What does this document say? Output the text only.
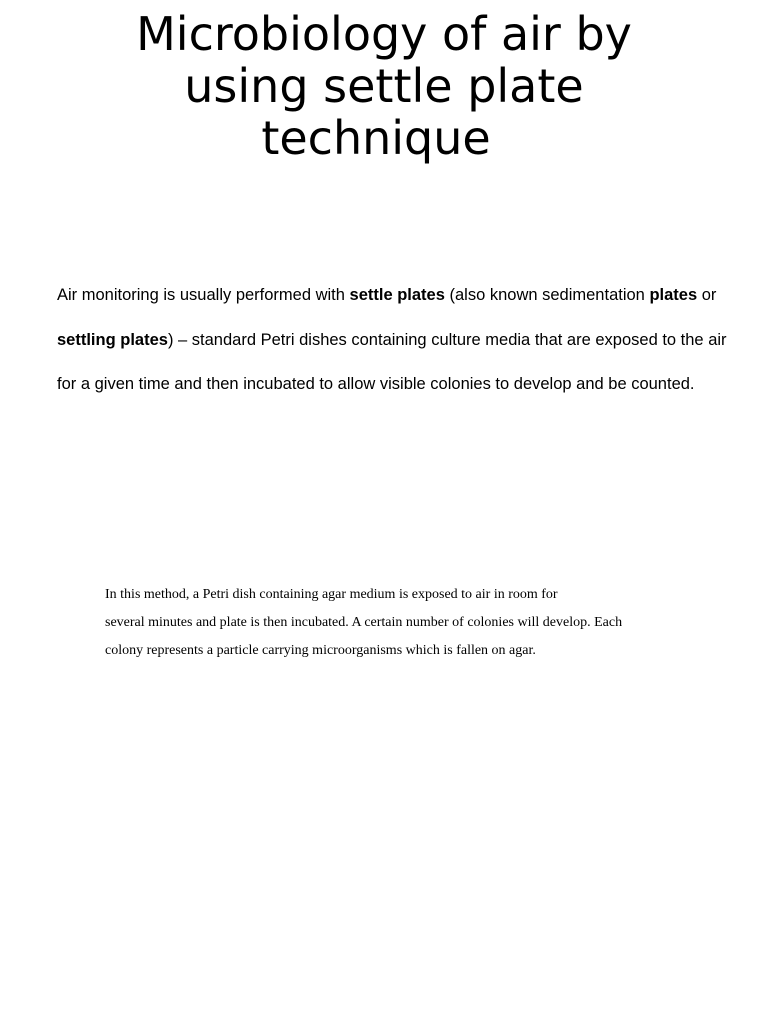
Microbiology of air by
using settle plate
technique

Air monitoring is usually performed with settle plates (also known sedimentation plates or settling plates) – standard Petri dishes containing culture media that are exposed to the air for a given time and then incubated to allow visible colonies to develop and be counted.

In this method, a Petri dish containing agar medium is exposed to air in room for
several minutes and plate is then incubated. A certain number of colonies will develop. Each
colony represents a particle carrying microorganisms which is fallen on agar.
